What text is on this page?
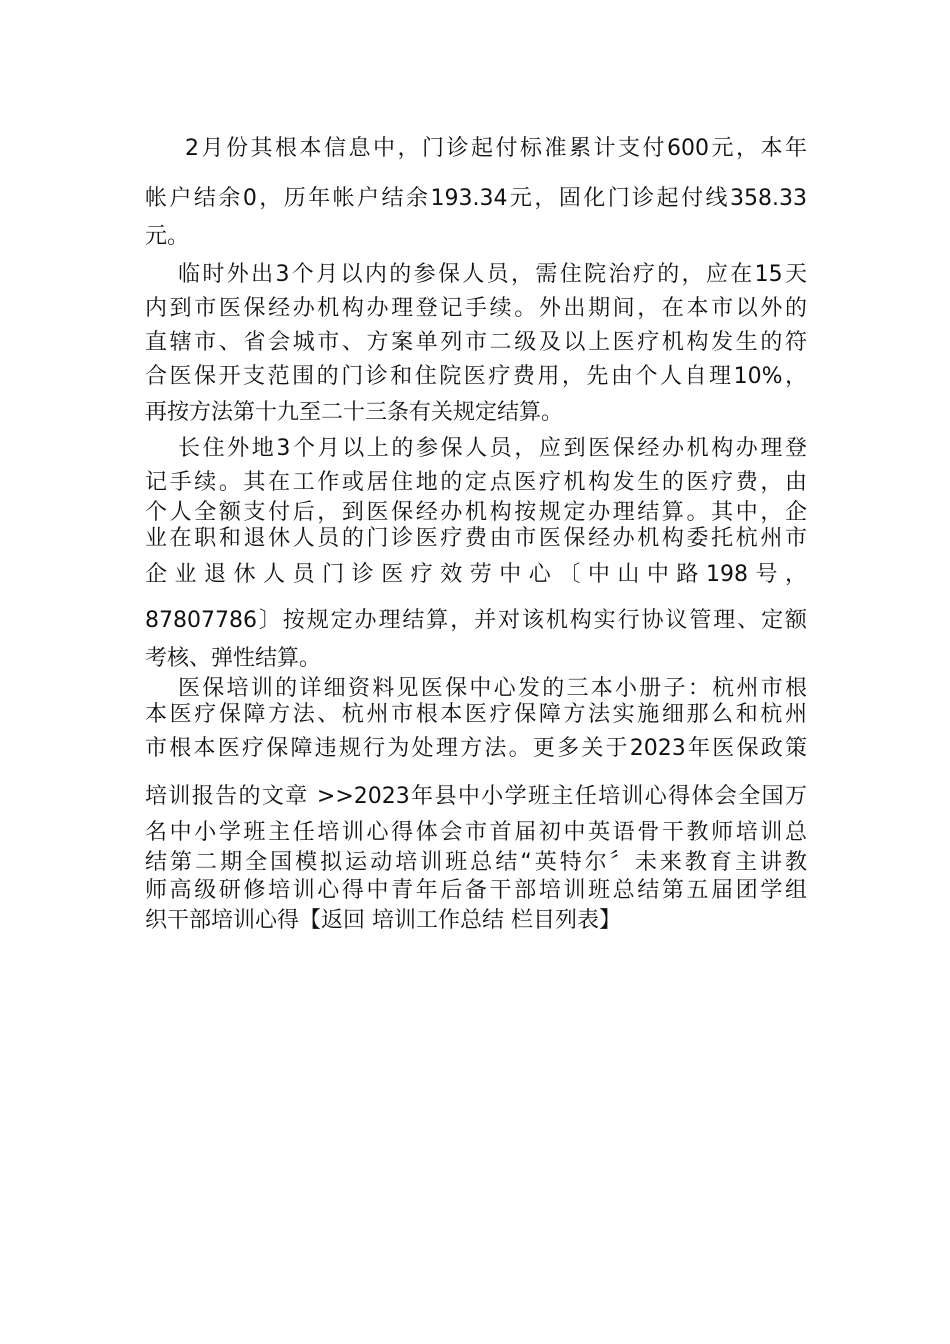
2月份其根本信息中，门诊起付标准累计支付600元，本年
帐户结余0，历年帐户结余193.34元，固化门诊起付线358.33
元。
临时外出3个月以内的参保人员，需住院治疗的，应在15天
内到市医保经办机构办理登记手续。外出期间，在本市以外的
直辖市、省会城市、方案单列市二级及以上医疗机构发生的符
合医保开支范围的门诊和住院医疗费用，先由个人自理10%，
再按方法第十九至二十三条有关规定结算。
长住外地3个月以上的参保人员，应到医保经办机构办理登
记手续。其在工作或居住地的定点医疗机构发生的医疗费，由
个人全额支付后，到医保经办机构按规定办理结算。其中，企
业在职和退休人员的门诊医疗费由市医保经办机构委托杭州市
企业退休人员门诊医疗效劳中心〔中山中路198号，
87807786〕按规定办理结算，并对该机构实行协议管理、定额
考核、弹性结算。
医保培训的详细资料见医保中心发的三本小册子：杭州市根
本医疗保障方法、杭州市根本医疗保障方法实施细那么和杭州
市根本医疗保障违规行为处理方法。更多关于2023年医保政策
培训报告的文章 >>2023年县中小学班主任培训心得体会全国万
名中小学班主任培训心得体会市首届初中英语骨干教师培训总
结第二期全国模拟运动培训班总结“英特尔〞未来教育主讲教
师高级研修培训心得中青年后备干部培训班总结第五届团学组
织干部培训心得【返回 培训工作总结 栏目列表】
